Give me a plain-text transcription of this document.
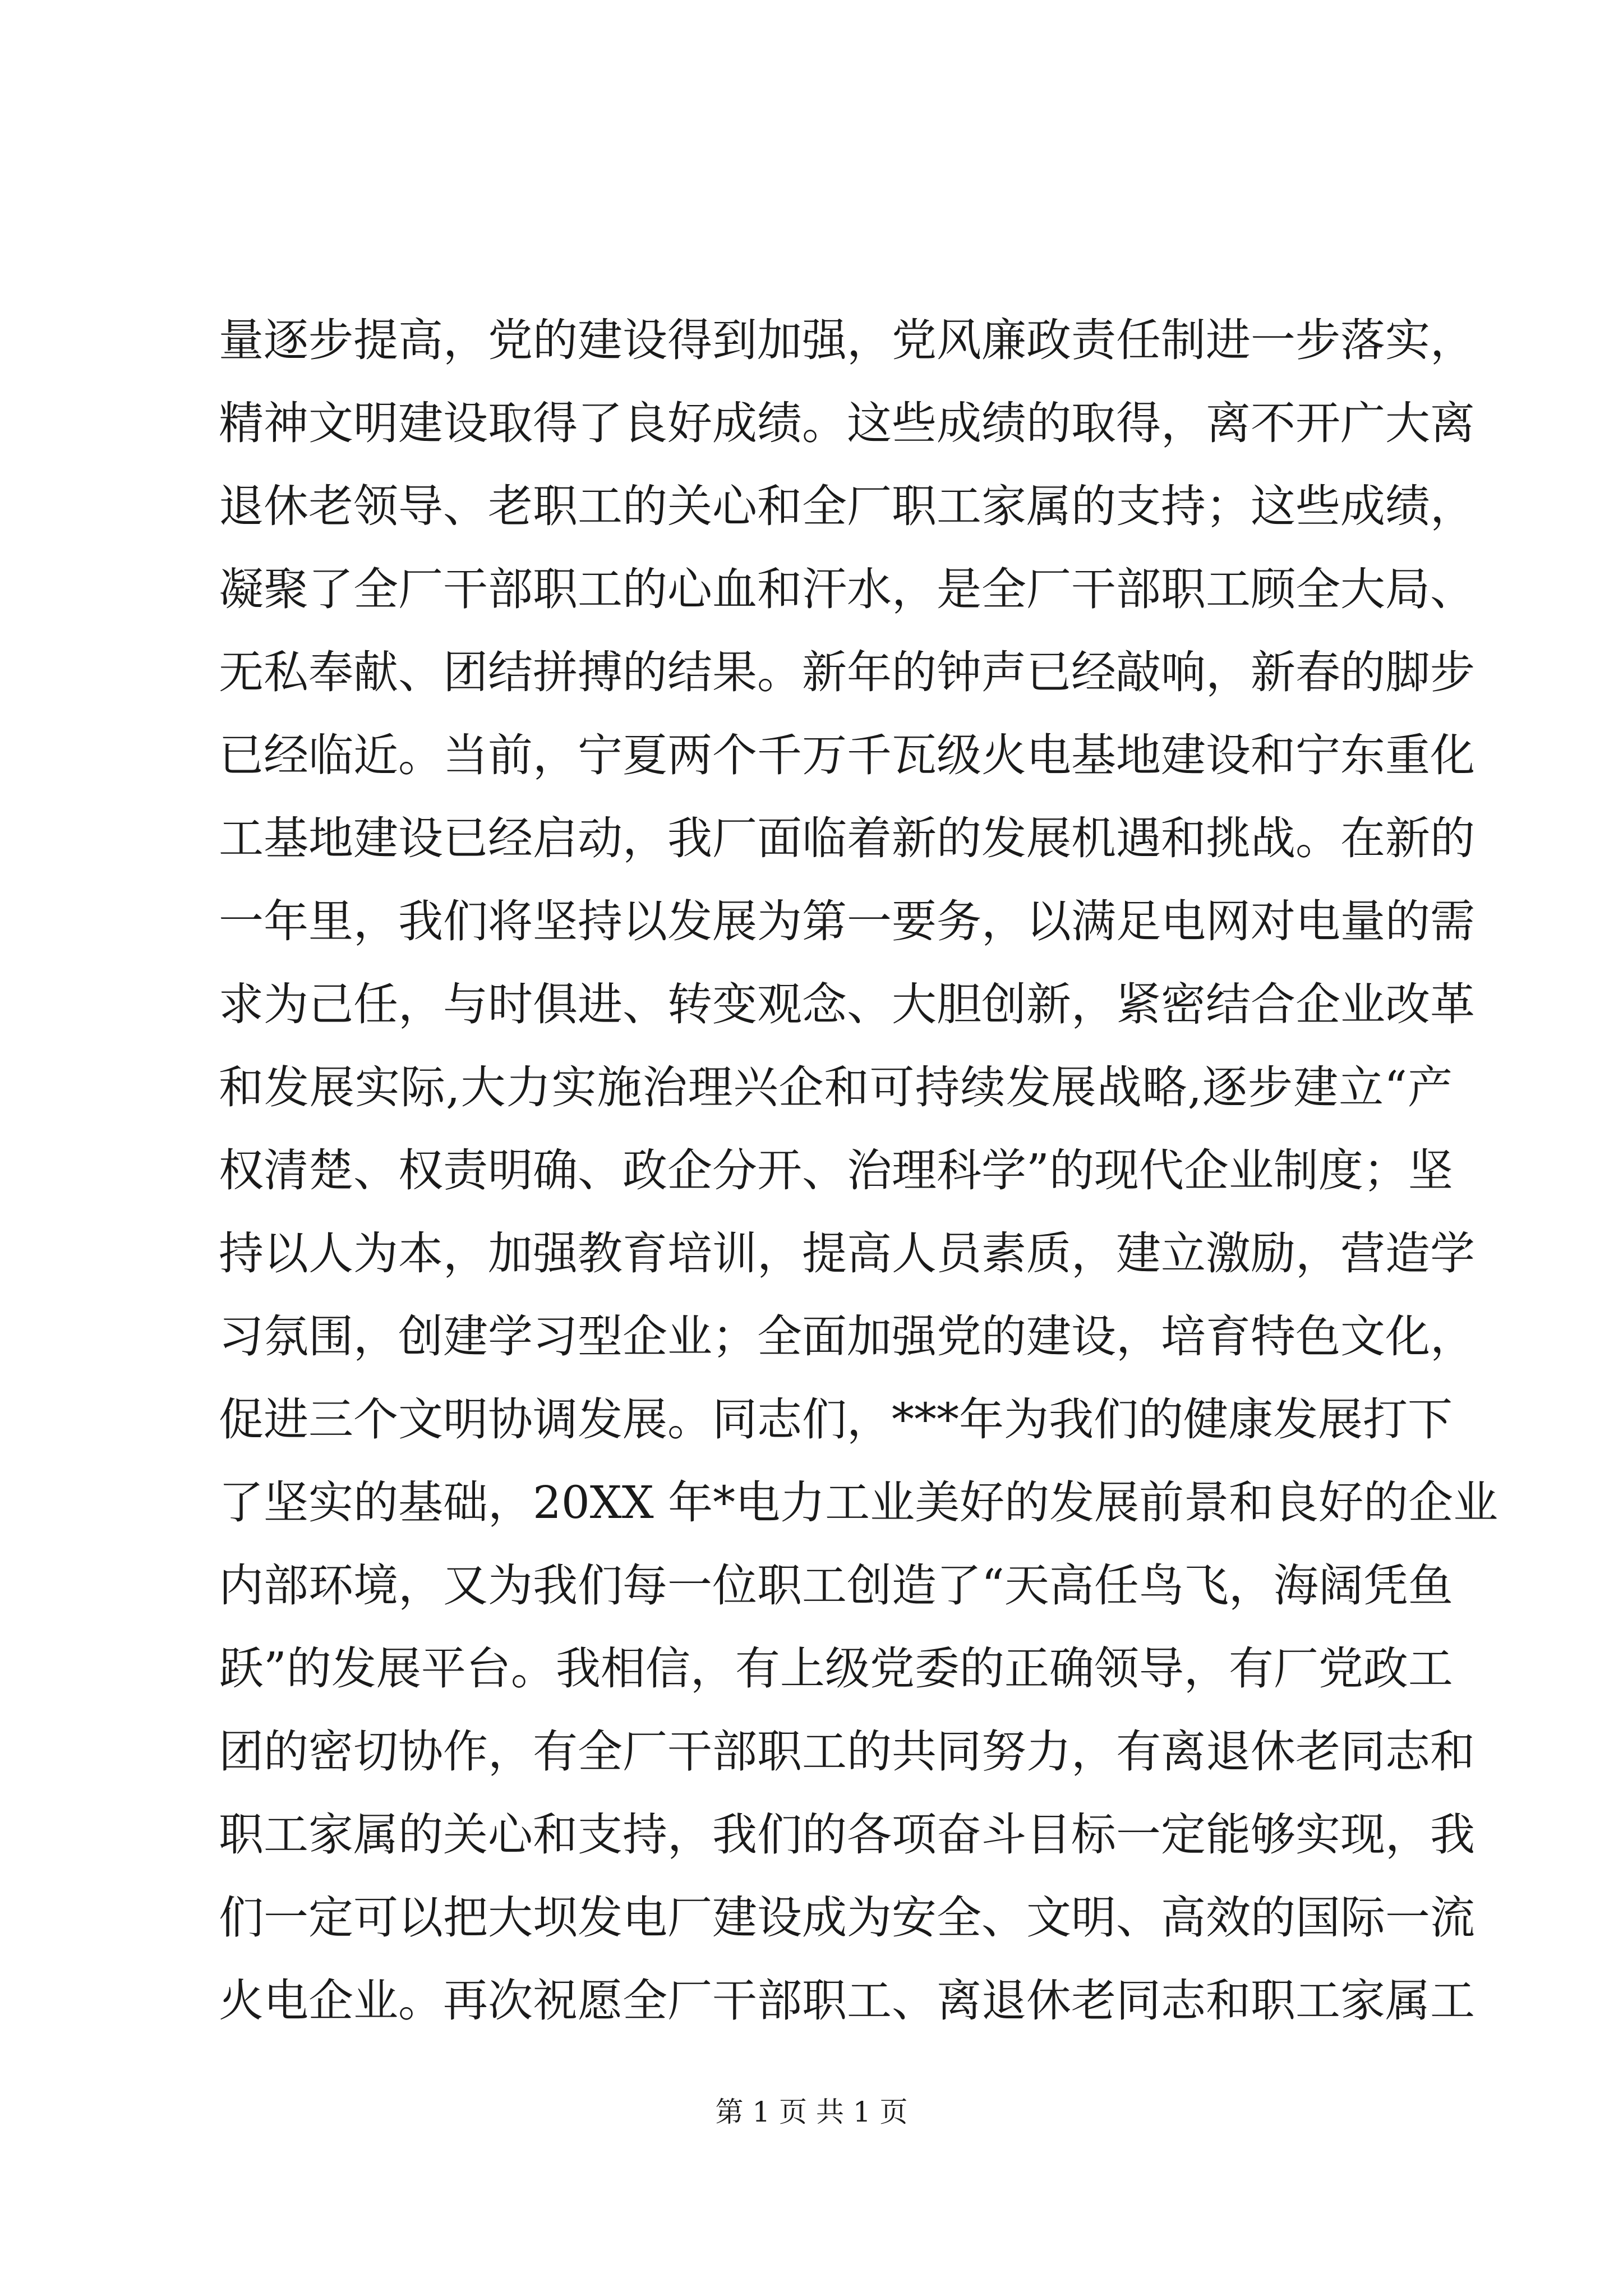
量逐步提高，党的建设得到加强，党风廉政责任制进一步落实，
精神文明建设取得了良好成绩。这些成绩的取得，离不开广大离
退休老领导、老职工的关心和全厂职工家属的支持；这些成绩，
凝聚了全厂干部职工的心血和汗水，是全厂干部职工顾全大局、
无私奉献、团结拼搏的结果。新年的钟声已经敲响，新春的脚步
已经临近。当前，宁夏两个千万千瓦级火电基地建设和宁东重化
工基地建设已经启动，我厂面临着新的发展机遇和挑战。在新的
一年里，我们将坚持以发展为第一要务，以满足电网对电量的需
求为己任，与时俱进、转变观念、大胆创新，紧密结合企业改革
和发展实际,大力实施治理兴企和可持续发展战略,逐步建立“产
权清楚、权责明确、政企分开、治理科学”的现代企业制度；坚
持以人为本，加强教育培训，提高人员素质，建立激励，营造学
习氛围，创建学习型企业；全面加强党的建设，培育特色文化，
促进三个文明协调发展。同志们，***年为我们的健康发展打下
了坚实的基础，20XX 年*电力工业美好的发展前景和良好的企业
内部环境，又为我们每一位职工创造了“天高任鸟飞，海阔凭鱼
跃”的发展平台。我相信，有上级党委的正确领导，有厂党政工
团的密切协作，有全厂干部职工的共同努力，有离退休老同志和
职工家属的关心和支持，我们的各项奋斗目标一定能够实现，我
们一定可以把大坝发电厂建设成为安全、文明、高效的国际一流
火电企业。再次祝愿全厂干部职工、离退休老同志和职工家属工
第 1 页 共 1 页
